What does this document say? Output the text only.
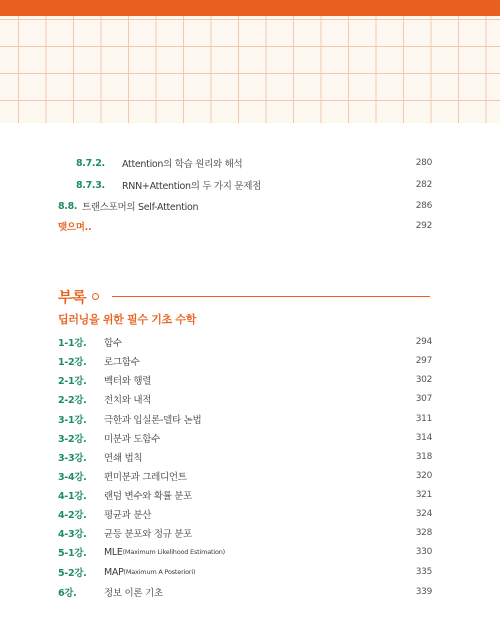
8.7.2.	Attention의 학습 원리와 해석	280
8.7.3.	RNN+Attention의 두 가지 문제점	282
8.8. 트랜스포머의 Self-Attention	286
맺으며..	292
부록
딥러닝을 위한 필수 기초 수학
1-1강.	함수	294
1-2강.	로그함수	297
2-1강.	벡터와 행렬	302
2-2강.	전치와 내적	307
3-1강.	극한과 입실론-델타 논법	311
3-2강.	미분과 도함수	314
3-3강.	연쇄 법칙	318
3-4강.	편미분과 그레디언트	320
4-1강.	랜덤 변수와 확률 분포	321
4-2강.	평균과 분산	324
4-3강.	균등 분포와 정규 분포	328
5-1강.	MLE (Maximum Likelihood Estimation)	330
5-2강.	MAP (Maximum A Posteriori)	335
6강.	정보 이론 기초	339
